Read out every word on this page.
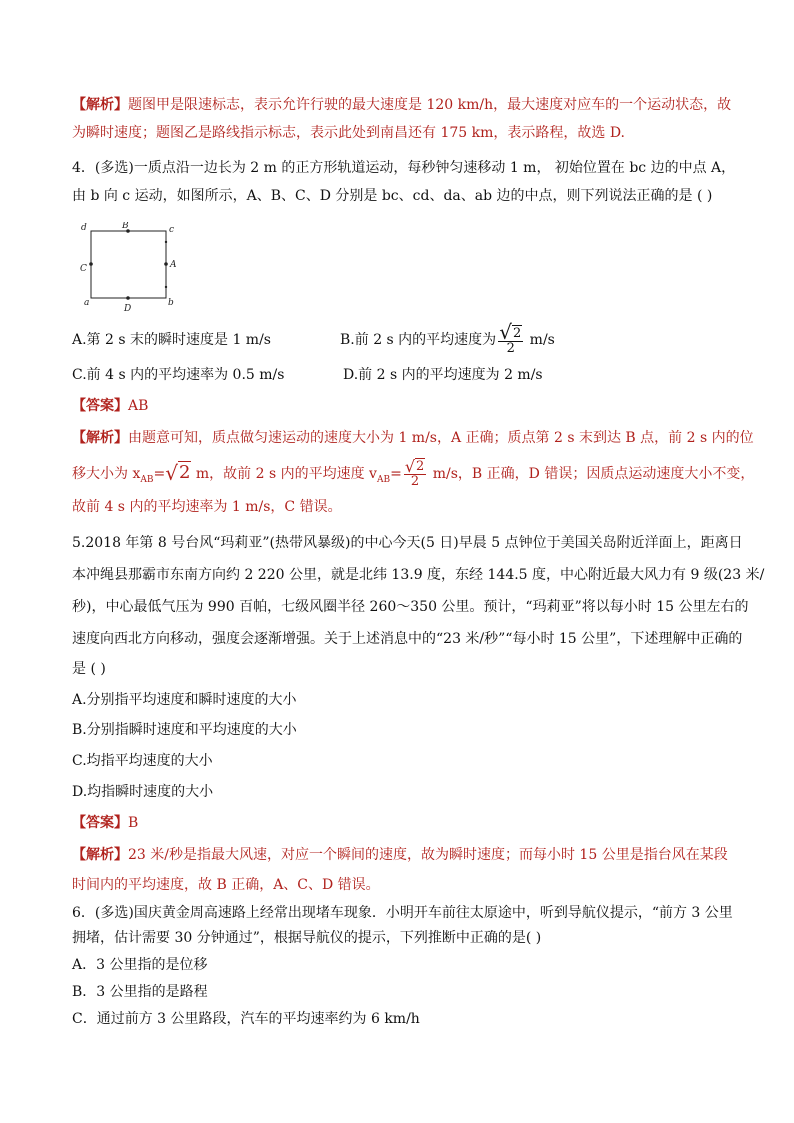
【解析】题图甲是限速标志，表示允许行驶的最大速度是 120 km/h，最大速度对应车的一个运动状态，故
为瞬时速度；题图乙是路线指示标志，表示此处到南昌还有 175 km，表示路程，故选 D.
4．(多选)一质点沿一边长为 2 m 的正方形轨道运动，每秒钟匀速移动 1 m， 初始位置在 bc 边的中点 A，
由 b 向 c 运动，如图所示，A、B、C、D 分别是 bc、cd、da、ab 边的中点，则下列说法正确的是 ( )
d	B	c
C	A
a
D
b
A.第 2 s 末的瞬时速度是 1 m/s	B.前 2 s 内的平均速度为 $\frac{√2}{2} m/s$
C.前 4 s 内的平均速率为 0.5 m/s	D.前 2 s 内的平均速度为 2 m/s
【答案】AB
【解析】由题意可知，质点做匀速运动的速度大小为 1 m/s，A 正确；质点第 2 s 末到达 B 点，前 2 s 内的位
移大小为 $x_{AB}=√2$ m，故前 2 s 内的平均速度 $v_{AB}= \frac{√2}{2} m/s$，B 正确，D 错误；因质点运动速度大小不变，
故前 4 s 内的平均速率为 1 m/s，C 错误。
5.2018 年第 8 号台风“玛莉亚”(热带风暴级)的中心今天(5 日)早晨 5 点钟位于美国关岛附近洋面上，距离日
本冲绳县那霸市东南方向约 2 220 公里，就是北纬 13.9 度，东经 144.5 度，中心附近最大风力有 9 级(23 米/
秒)，中心最低气压为 990 百帕，七级风圈半径 260～350 公里。预计，“玛莉亚”将以每小时 15 公里左右的
速度向西北方向移动，强度会逐渐增强。关于上述消息中的“23 米/秒”“每小时 15 公里”，下述理解中正确的
是 ( )
A.分别指平均速度和瞬时速度的大小
B.分别指瞬时速度和平均速度的大小
C.均指平均速度的大小
D.均指瞬时速度的大小
【答案】B
【解析】23 米/秒是指最大风速，对应一个瞬间的速度，故为瞬时速度；而每小时 15 公里是指台风在某段
时间内的平均速度，故 B 正确，A、C、D 错误。
6．(多选)国庆黄金周高速路上经常出现堵车现象．小明开车前往太原途中，听到导航仪提示，“前方 3 公里
拥堵，估计需要 30 分钟通过”，根据导航仪的提示，下列推断中正确的是( )
A．3 公里指的是位移
B．3 公里指的是路程
C．通过前方 3 公里路段，汽车的平均速率约为 6 km/h
